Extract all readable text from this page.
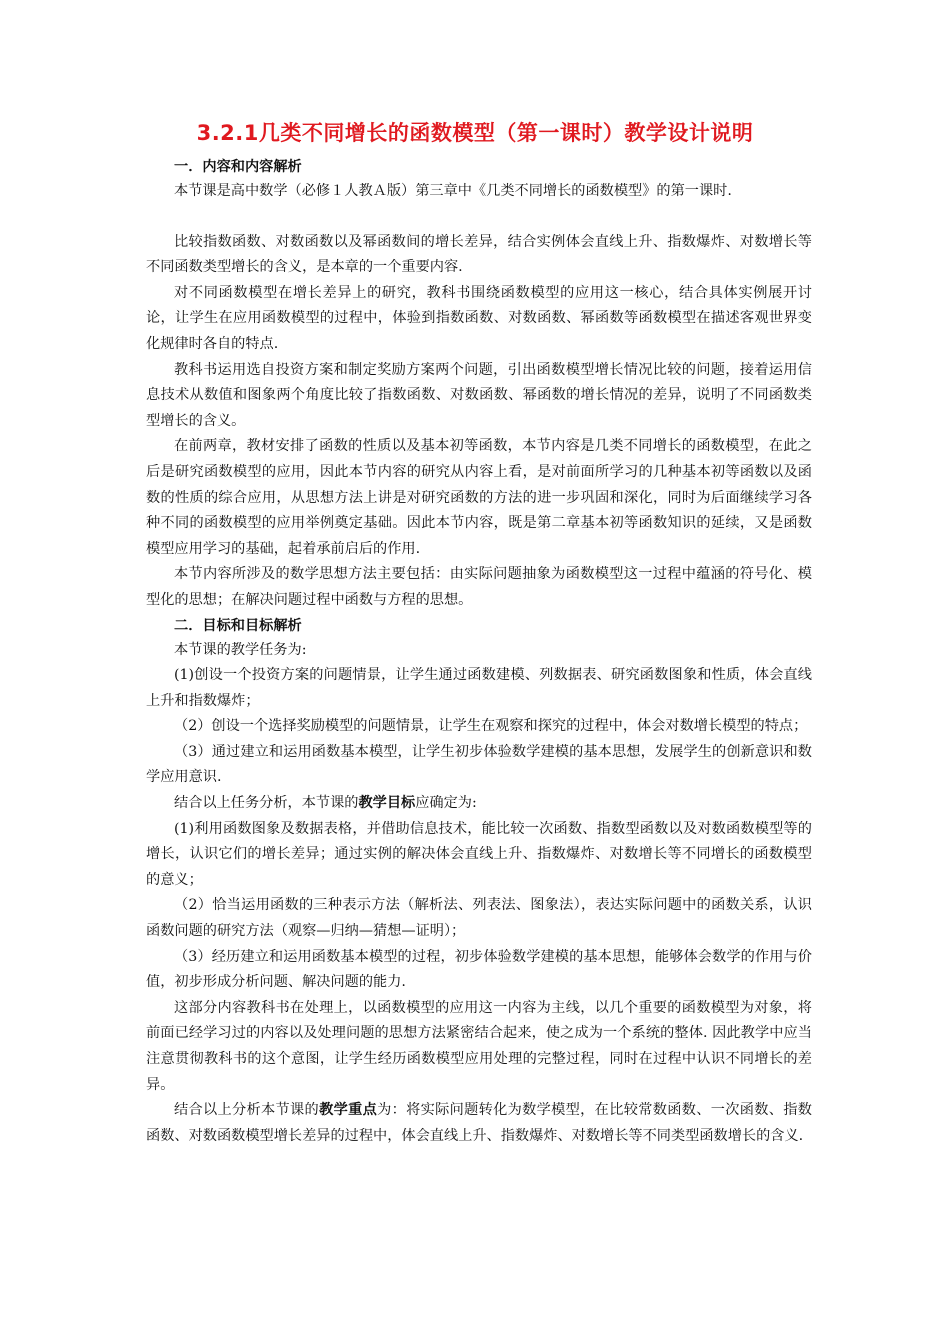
3.2.1几类不同增长的函数模型（第一课时）教学设计说明
一．内容和内容解析

本节课是高中数学（必修１人教Ａ版）第三章中《几类不同增长的函数模型》的第一课时.

比较指数函数、对数函数以及幂函数间的增长差异，结合实例体会直线上升、指数爆炸、对数增长等不同函数类型增长的含义，是本章的一个重要内容.

对不同函数模型在增长差异上的研究，教科书围绕函数模型的应用这一核心，结合具体实例展开讨论，让学生在应用函数模型的过程中，体验到指数函数、对数函数、幂函数等函数模型在描述客观世界变化规律时各自的特点.

教科书运用选自投资方案和制定奖励方案两个问题，引出函数模型增长情况比较的问题，接着运用信息技术从数值和图象两个角度比较了指数函数、对数函数、幂函数的增长情况的差异，说明了不同函数类型增长的含义。

在前两章，教材安排了函数的性质以及基本初等函数，本节内容是几类不同增长的函数模型，在此之后是研究函数模型的应用，因此本节内容的研究从内容上看，是对前面所学习的几种基本初等函数以及函数的性质的综合应用，从思想方法上讲是对研究函数的方法的进一步巩固和深化，同时为后面继续学习各种不同的函数模型的应用举例奠定基础。因此本节内容，既是第二章基本初等函数知识的延续，又是函数模型应用学习的基础，起着承前启后的作用.

本节内容所涉及的数学思想方法主要包括：由实际问题抽象为函数模型这一过程中蕴涵的符号化、模型化的思想；在解决问题过程中函数与方程的思想。

二．目标和目标解析

本节课的教学任务为:

(1)创设一个投资方案的问题情景，让学生通过函数建模、列数据表、研究函数图象和性质，体会直线上升和指数爆炸；

（2）创设一个选择奖励模型的问题情景，让学生在观察和探究的过程中，体会对数增长模型的特点；

（3）通过建立和运用函数基本模型，让学生初步体验数学建模的基本思想，发展学生的创新意识和数学应用意识.

结合以上任务分析，本节课的教学目标应确定为:

(1)利用函数图象及数据表格，并借助信息技术，能比较一次函数、指数型函数以及对数函数模型等的增长，认识它们的增长差异；通过实例的解决体会直线上升、指数爆炸、对数增长等不同增长的函数模型的意义；

（2）恰当运用函数的三种表示方法（解析法、列表法、图象法），表达实际问题中的函数关系，认识函数问题的研究方法（观察—归纳—猜想—证明）；

（3）经历建立和运用函数基本模型的过程，初步体验数学建模的基本思想，能够体会数学的作用与价值，初步形成分析问题、解决问题的能力.

这部分内容教科书在处理上，以函数模型的应用这一内容为主线，以几个重要的函数模型为对象，将前面已经学习过的内容以及处理问题的思想方法紧密结合起来，使之成为一个系统的整体. 因此教学中应当注意贯彻教科书的这个意图，让学生经历函数模型应用处理的完整过程，同时在过程中认识不同增长的差异。

结合以上分析本节课的教学重点为：将实际问题转化为数学模型，在比较常数函数、一次函数、指数函数、对数函数模型增长差异的过程中，体会直线上升、指数爆炸、对数增长等不同类型函数增长的含义.
